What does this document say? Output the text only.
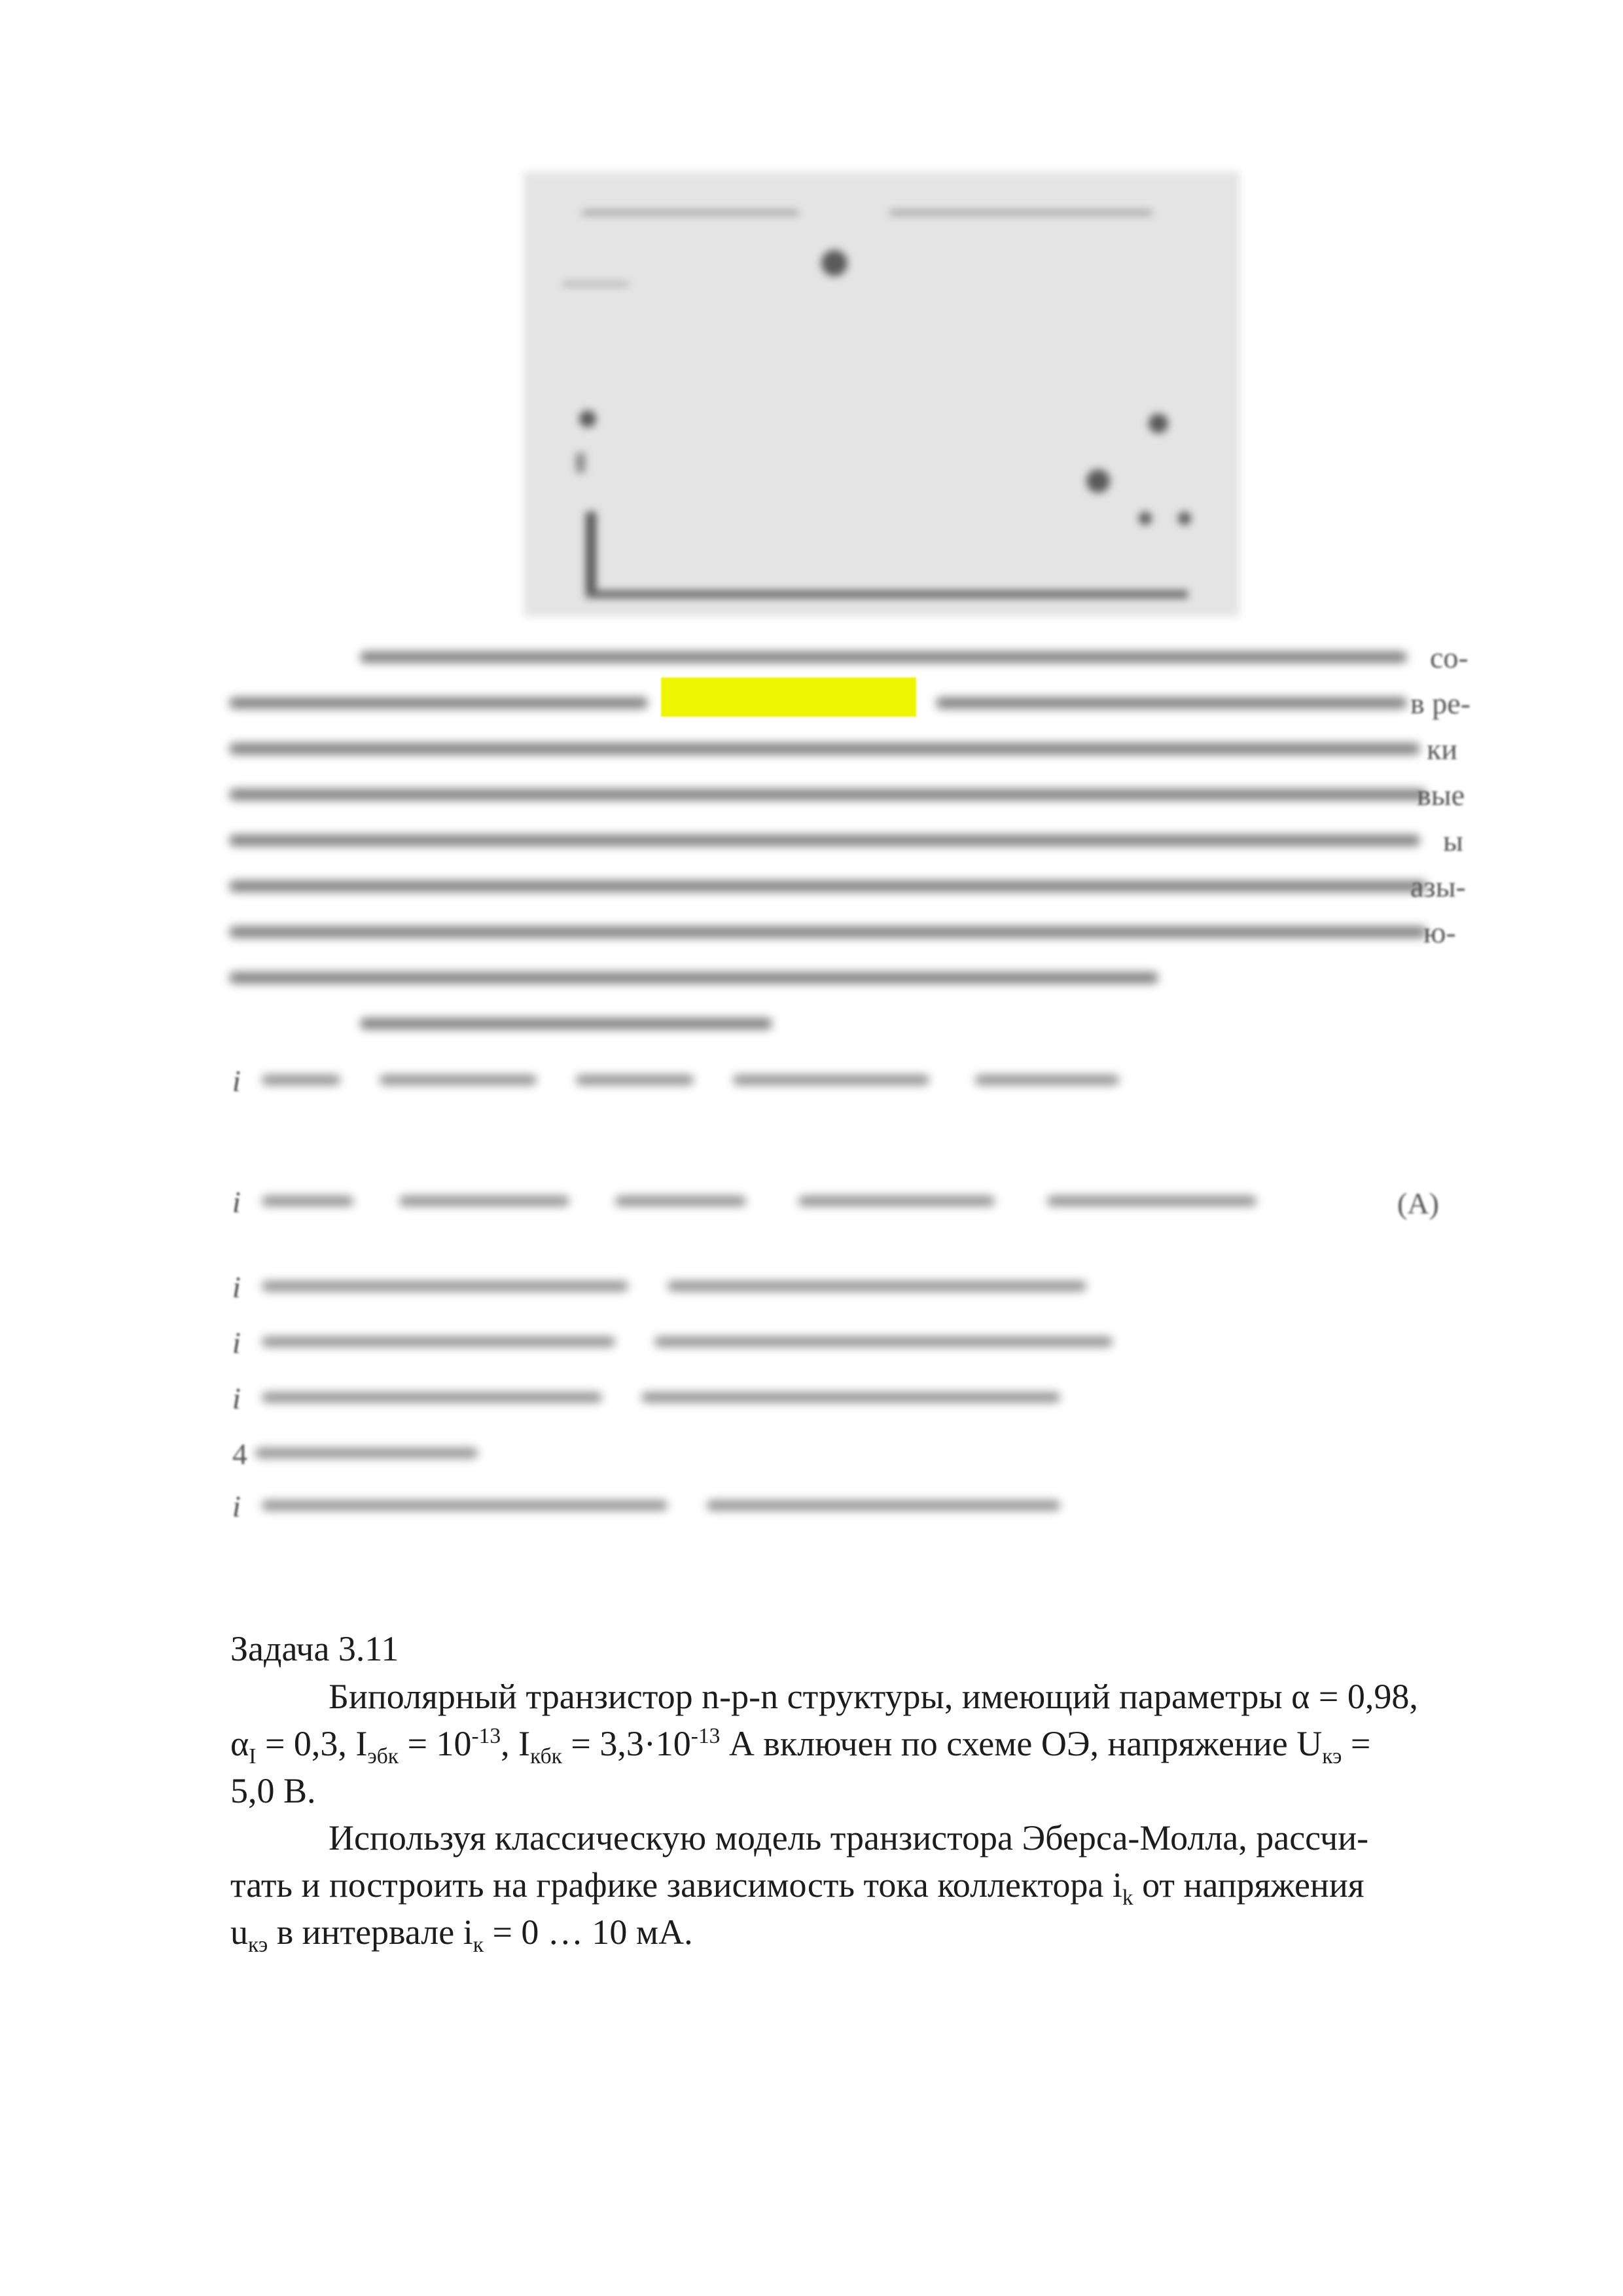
со-
в ре-
ки
вые
ы
азы-
ю-
i
i	(А)
i
i
i
4
i
Задача 3.11

Биполярный транзистор n-p-n структуры, имеющий параметры α = 0,98,

$\alpha_I = 0,3$, $I_{эбк} = 10^{-13}$, $I_{кбк} = 3,3\cdot 10^{-13}$ А включен по схеме ОЭ, напряжение $U_{кэ}$ =

5,0 В.

Используя классическую модель транзистора Эберса-Молла, рассчи-

тать и построить на графике зависимость тока коллектора $i_k$ от напряжения

$u_{кэ}$ в интервале $i_к = 0$ … 10 мА.
